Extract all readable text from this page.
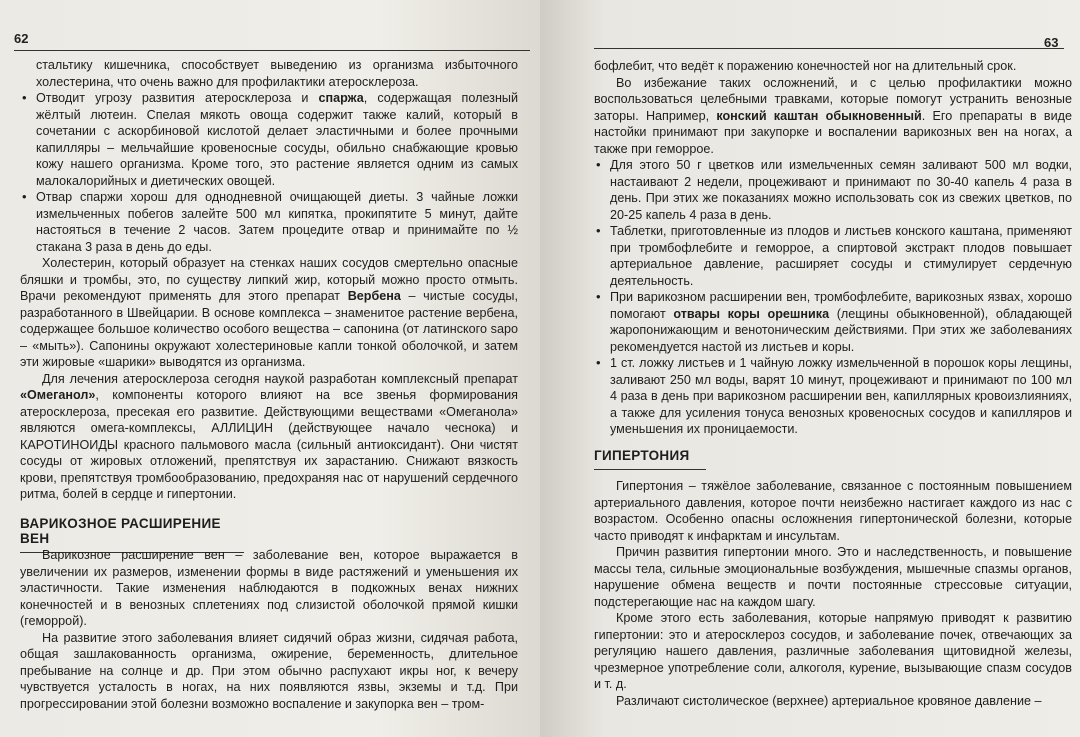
62

стальтику кишечника, способствует выведению из организма избыточного холестерина, что очень важно для профилактики атеросклероза.

• Отводит угрозу развития атеросклероза и спаржа, содержащая полезный жёлтый лютеин. Спелая мякоть овоща содержит также калий, который в сочетании с аскорбиновой кислотой делает эластичными и более прочными капилляры – мельчайшие кровеносные сосуды, обильно снабжающие кровью кожу нашего организма. Кроме того, это растение является одним из самых малокалорийных и диетических овощей.

• Отвар спаржи хорош для однодневной очищающей диеты. 3 чайные ложки измельченных побегов залейте 500 мл кипятка, прокипятите 5 минут, дайте настояться в течение 2 часов. Затем процедите отвар и принимайте по ½ стакана 3 раза в день до еды.

Холестерин, который образует на стенках наших сосудов смертельно опасные бляшки и тромбы, это, по существу липкий жир, который можно просто отмыть. Врачи рекомендуют применять для этого препарат Вербена – чистые сосуды, разработанного в Швейцарии. В основе комплекса – знаменитое растение вербена, содержащее большое количество особого вещества – сапонина (от латинского sapo – «мыть»). Сапонины окружают холестериновые капли тонкой оболочкой, и затем эти жировые «шарики» выводятся из организма.

Для лечения атеросклероза сегодня наукой разработан комплексный препарат «Омеганол», компоненты которого влияют на все звенья формирования атеросклероза, пресекая его развитие. Действующими веществами «Омеганола» являются омега-комплексы, АЛЛИЦИН (действующее начало чеснока) и КАРОТИНОИДЫ красного пальмового масла (сильный антиоксидант). Они чистят сосуды от жировых отложений, препятствуя их зарастанию. Снижают вязкость крови, препятствуя тромбообразованию, предохраняя нас от нарушений сердечного ритма, болей в сердце и гипертонии.

ВАРИКОЗНОЕ РАСШИРЕНИЕ ВЕН

Варикозное расширение вен – заболевание вен, которое выражается в увеличении их размеров, изменении формы в виде растяжений и уменьшения их эластичности. Такие изменения наблюдаются в подкожных венах нижних конечностей и в венозных сплетениях под слизистой оболочкой прямой кишки (геморрой).

На развитие этого заболевания влияет сидячий образ жизни, сидячая работа, общая зашлакованность организма, ожирение, беременность, длительное пребывание на солнце и др. При этом обычно распухают икры ног, к вечеру чувствуется усталость в ногах, на них появляются язвы, экземы и т.д. При прогрессировании этой болезни возможно воспаление и закупорка вен – тром-

63

бофлебит, что ведёт к поражению конечностей ног на длительный срок.

Во избежание таких осложнений, и с целью профилактики можно воспользоваться целебными травками, которые помогут устранить венозные заторы. Например, конский каштан обыкновенный. Его препараты в виде настойки принимают при закупорке и воспалении варикозных вен на ногах, а также при геморрое.

• Для этого 50 г цветков или измельченных семян заливают 500 мл водки, настаивают 2 недели, процеживают и принимают по 30-40 капель 4 раза в день. При этих же показаниях можно использовать сок из свежих цветков, по 20-25 капель 4 раза в день.

• Таблетки, приготовленные из плодов и листьев конского каштана, применяют при тромбофлебите и геморрое, а спиртовой экстракт плодов повышает артериальное давление, расширяет сосуды и стимулирует сердечную деятельность.

• При варикозном расширении вен, тромбофлебите, варикозных язвах, хорошо помогают отвары коры орешника (лещины обыкновенной), обладающей жаропонижающим и венотоническим действиями. При этих же заболеваниях рекомендуется настой из листьев и коры.

• 1 ст. ложку листьев и 1 чайную ложку измельченной в порошок коры лещины, заливают 250 мл воды, варят 10 минут, процеживают и принимают по 100 мл 4 раза в день при варикозном расширении вен, капиллярных кровоизлияниях, а также для усиления тонуса венозных кровеносных сосудов и капилляров и уменьшения их проницаемости.

ГИПЕРТОНИЯ

Гипертония – тяжёлое заболевание, связанное с постоянным повышением артериального давления, которое почти неизбежно настигает каждого из нас с возрастом. Особенно опасны осложнения гипертонической болезни, которые часто приводят к инфарктам и инсультам.

Причин развития гипертонии много. Это и наследственность, и повышение массы тела, сильные эмоциональные возбуждения, мышечные спазмы органов, нарушение обмена веществ и почти постоянные стрессовые ситуации, подстерегающие нас на каждом шагу.

Кроме этого есть заболевания, которые напрямую приводят к развитию гипертонии: это и атеросклероз сосудов, и заболевание почек, отвечающих за регуляцию нашего давления, различные заболевания щитовидной железы, чрезмерное употребление соли, алкоголя, курение, вызывающие спазм сосудов и т. д.

Различают систолическое (верхнее) артериальное кровяное давление –
